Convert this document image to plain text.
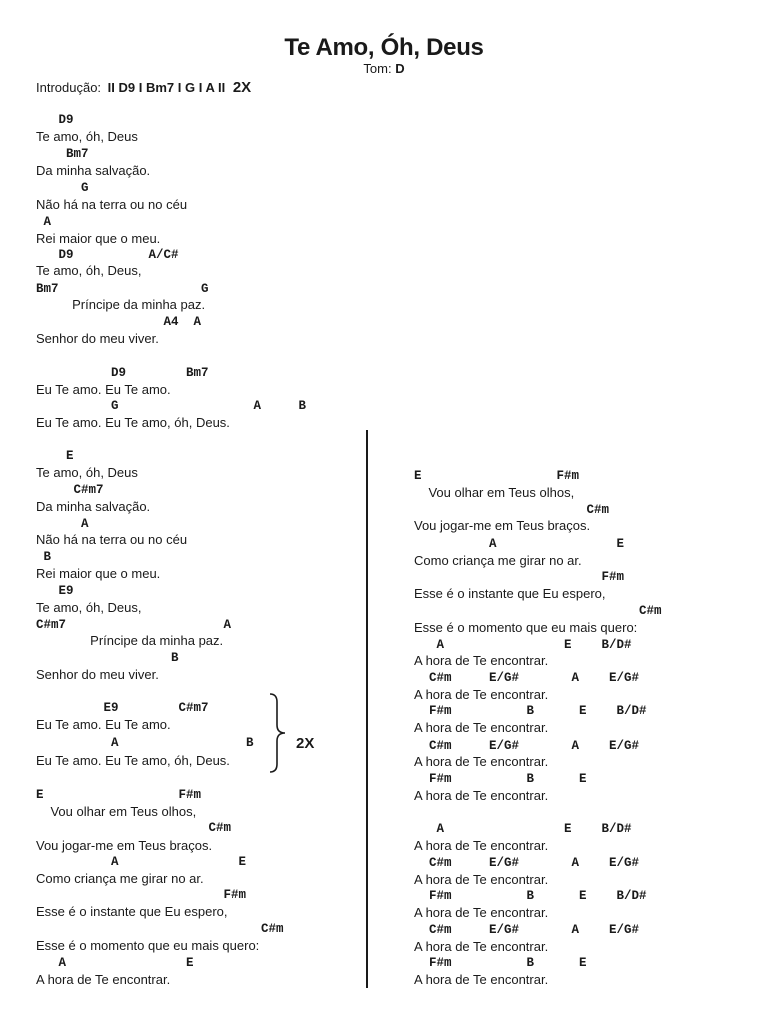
Te Amo, Óh, Deus
Tom: D
Introdução: II D9 I Bm7 I G I A II 2X
D9
Te amo, óh, Deus
Bm7
Da minha salvação.
G
Não há na terra ou no céu
A
Rei maior que o meu.
D9          A/C#
Te amo, óh, Deus,
Bm7                   G
Príncipe da minha paz.
A4  A
Senhor do meu viver.
D9        Bm7
Eu Te amo. Eu Te amo.
G                  A     B
Eu Te amo. Eu Te amo, óh, Deus.
E
Te amo, óh, Deus
C#m7
Da minha salvação.
A
Não há na terra ou no céu
B
Rei maior que o meu.
E9
Te amo, óh, Deus,
C#m7                     A
Príncipe da minha paz.
B
Senhor do meu viver.
E9        C#m7
Eu Te amo. Eu Te amo.
A                 B
Eu Te amo. Eu Te amo, óh, Deus.
E                  F#m
Vou olhar em Teus olhos,
C#m
Vou jogar-me em Teus braços.
A                E
Como criança me girar no ar.
F#m
Esse é o instante que Eu espero,
C#m
Esse é o momento que eu mais quero:
A                E
A hora de Te encontrar.
E                  F#m
Vou olhar em Teus olhos,
C#m
Vou jogar-me em Teus braços.
A                E
Como criança me girar no ar.
F#m
Esse é o instante que Eu espero,
C#m
Esse é o momento que eu mais quero:
A                E    B/D#
A hora de Te encontrar.
C#m     E/G#       A    E/G#
A hora de Te encontrar.
F#m          B      E    B/D#
A hora de Te encontrar.
C#m     E/G#       A    E/G#
A hora de Te encontrar.
F#m          B      E
A hora de Te encontrar.
A                E    B/D#
A hora de Te encontrar.
C#m     E/G#       A    E/G#
A hora de Te encontrar.
F#m          B      E    B/D#
A hora de Te encontrar.
C#m     E/G#       A    E/G#
A hora de Te encontrar.
F#m          B      E
A hora de Te encontrar.
2X
